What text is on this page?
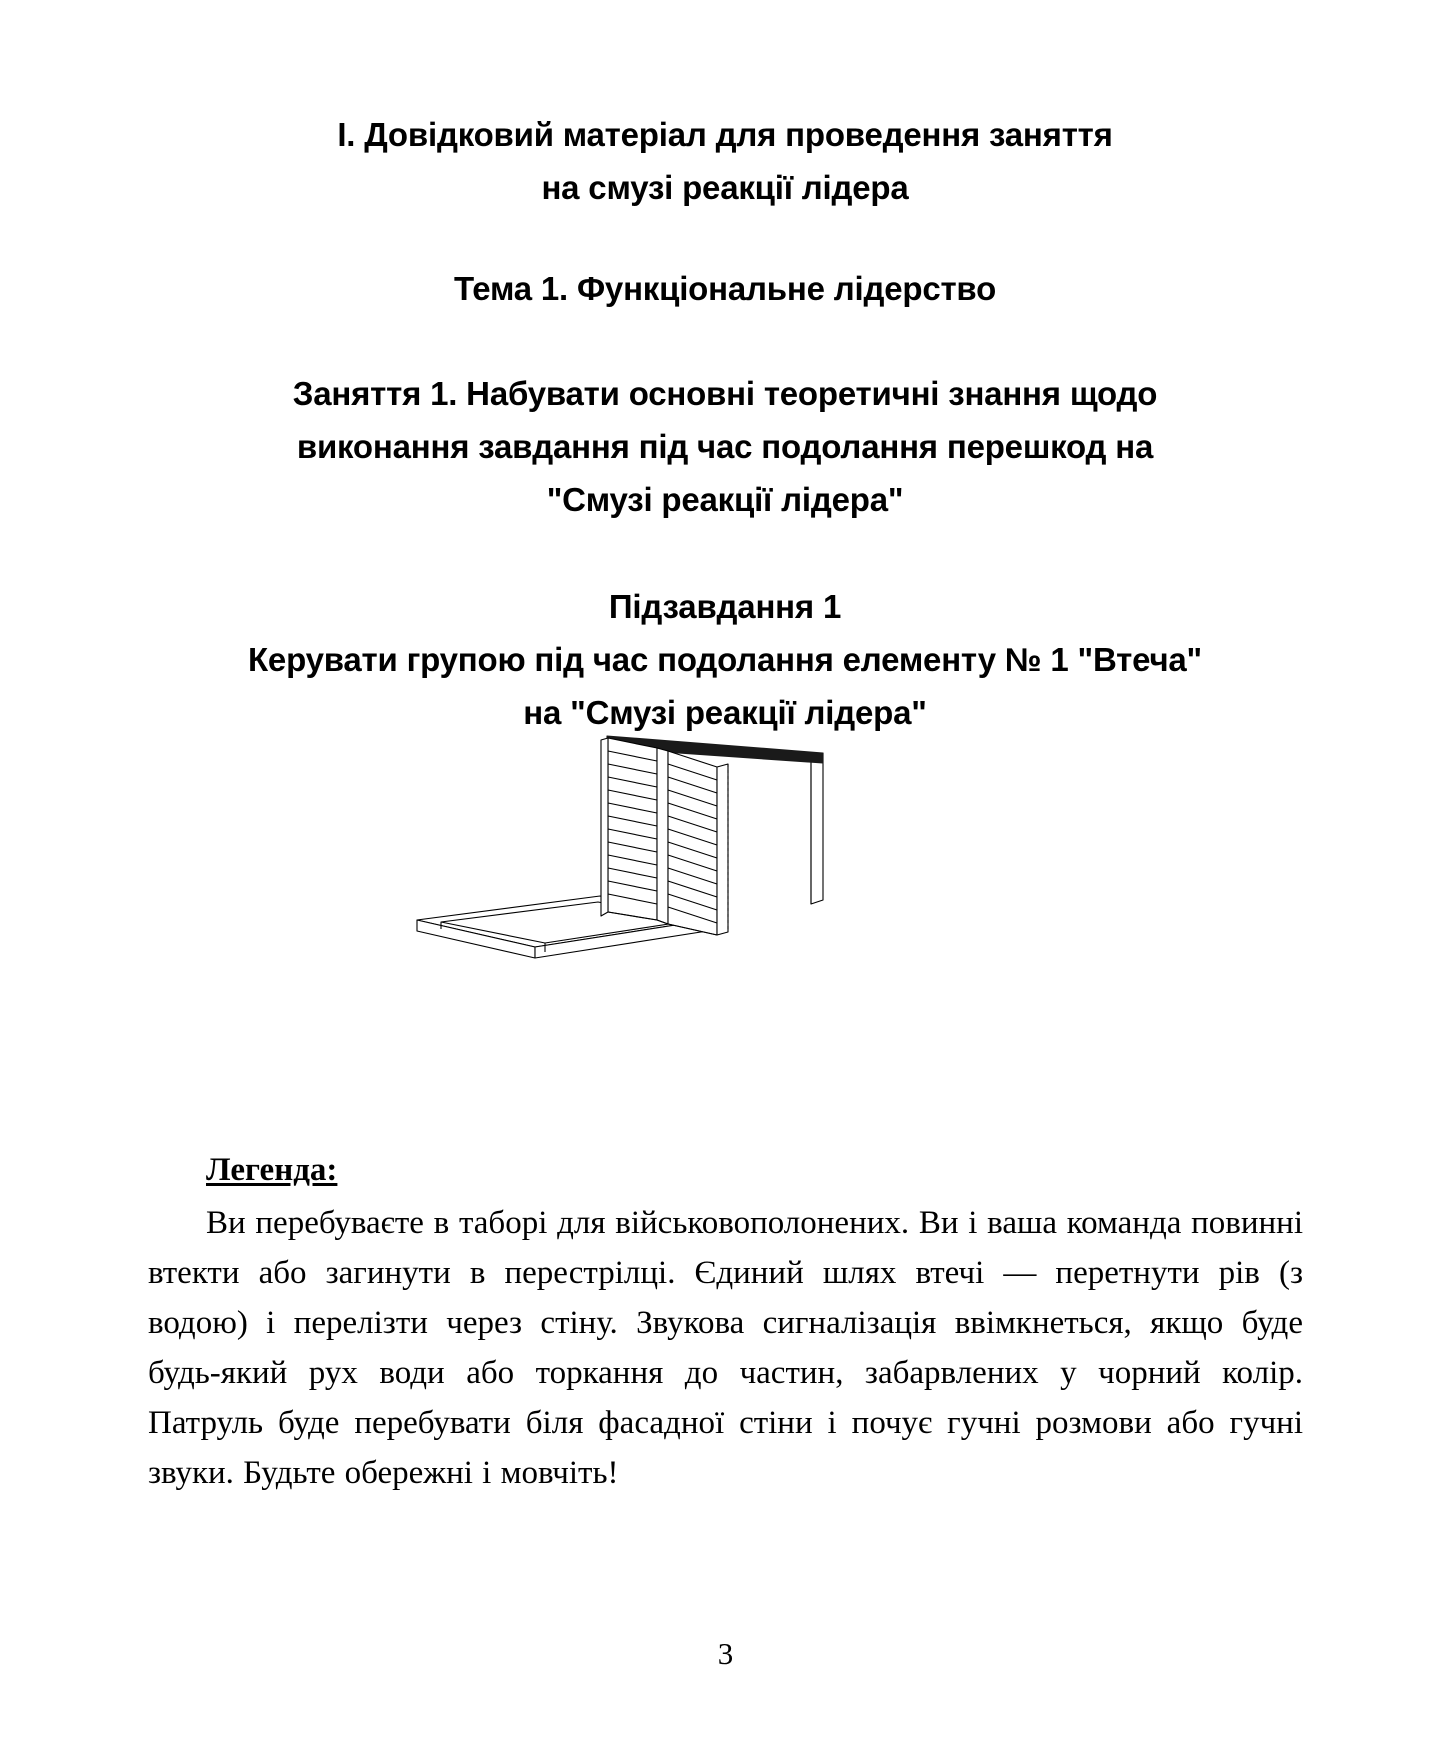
I. Довідковий матеріал для проведення заняття
на смузі реакції лідера
Тема 1. Функціональне лідерство
Заняття 1. Набувати основні теоретичні знання щодо
виконання завдання під час подолання перешкод на
"Смузі реакції лідера"
Підзавдання 1
Керувати групою під час подолання елементу № 1 "Втеча"
на "Смузі реакції лідера"
Легенда:

Ви перебуваєте в таборі для військовополонених. Ви і ваша команда повинні втекти або загинути в перестрілці. Єдиний шлях втечі — перетнути рів (з водою) і перелізти через стіну. Звукова сигналізація ввімкнеться, якщо буде будь-який рух води або торкання до частин, забарвлених у чорний колір. Патруль буде перебувати біля фасадної стіни і почує гучні розмови або гучні звуки. Будьте обережні і мовчіть!

3
